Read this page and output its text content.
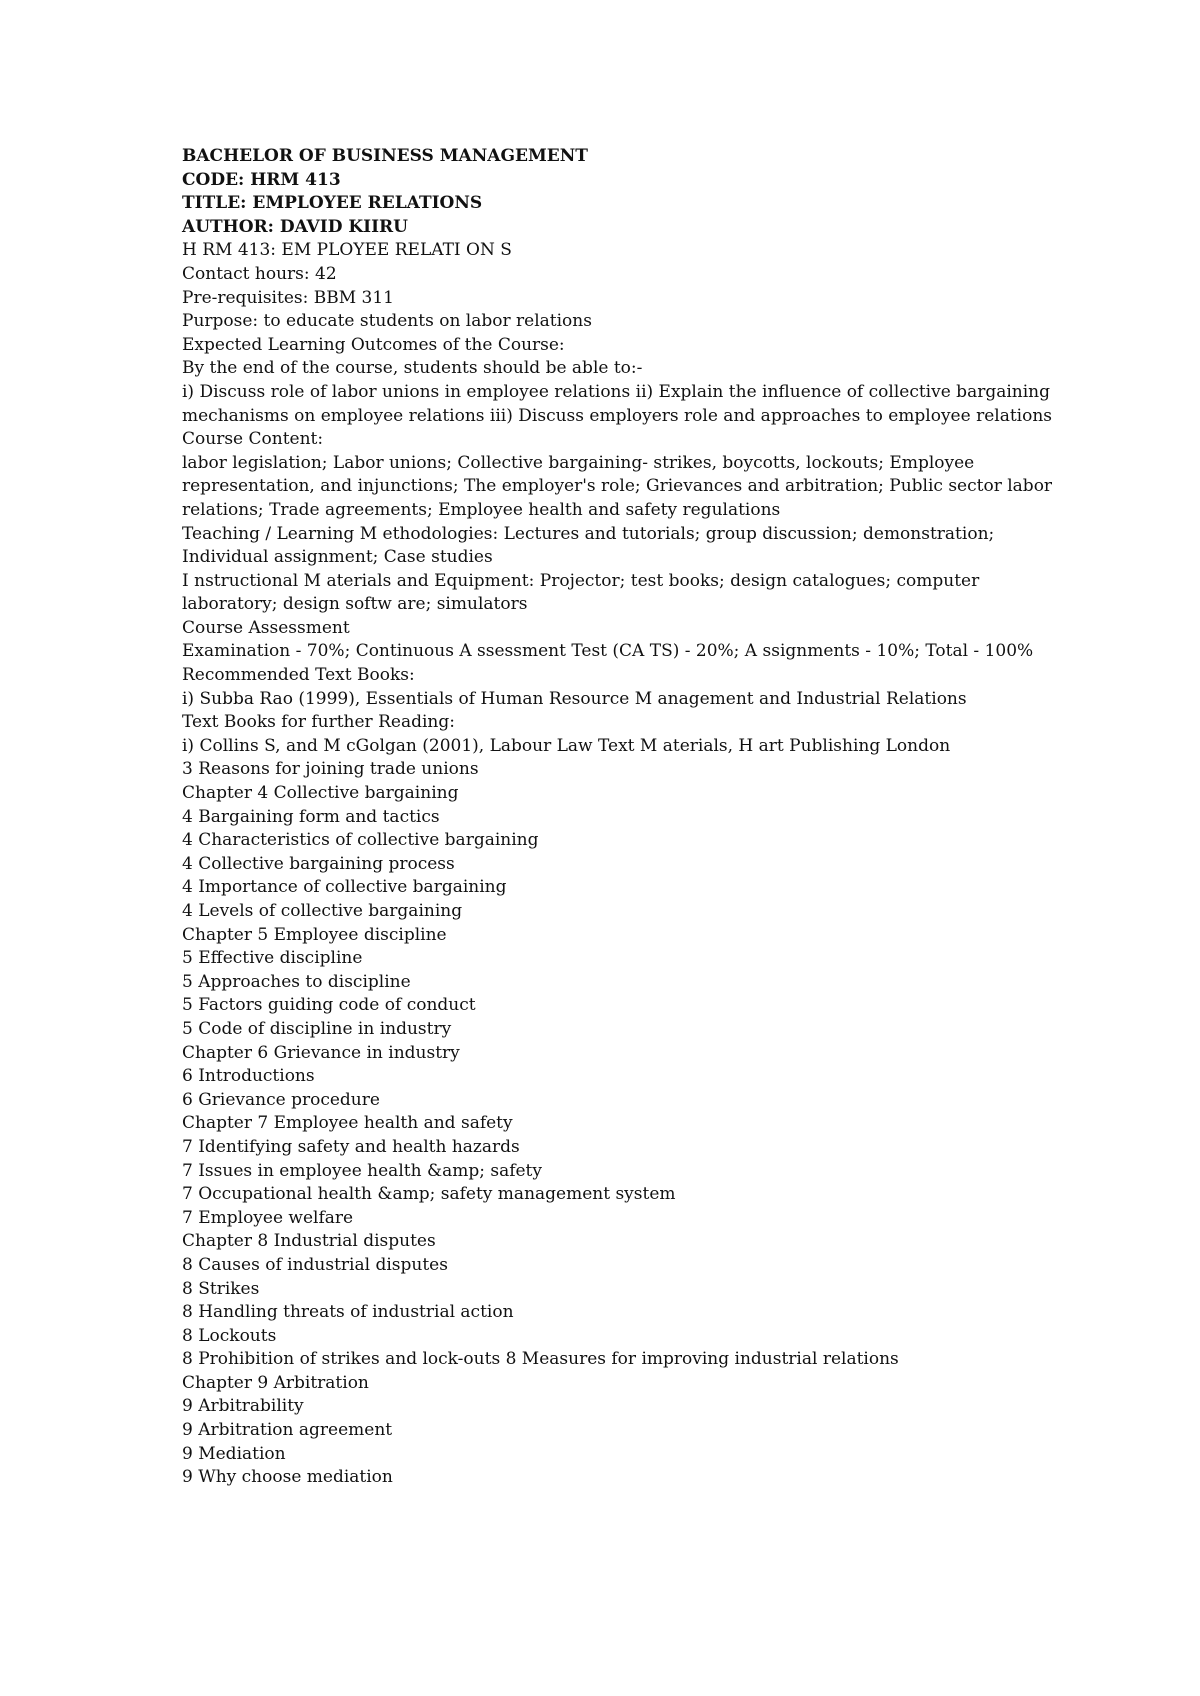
BACHELOR OF BUSINESS MANAGEMENT
CODE: HRM 413
TITLE: EMPLOYEE RELATIONS
AUTHOR: DAVID KIIRU
H RM 413: EM PLOYEE RELATI ON S
Contact hours: 42
Pre-requisites: BBM 311
Purpose: to educate students on labor relations
Expected Learning Outcomes of the Course:
By the end of the course, students should be able to:-
i) Discuss role of labor unions in employee relations ii) Explain the influence of collective bargaining mechanisms on employee relations iii) Discuss employers role and approaches to employee relations
Course Content:
labor legislation; Labor unions; Collective bargaining- strikes, boycotts, lockouts; Employee representation, and injunctions; The employer's role; Grievances and arbitration; Public sector labor relations; Trade agreements; Employee health and safety regulations
Teaching / Learning M ethodologies: Lectures and tutorials; group discussion; demonstration; Individual assignment; Case studies
I nstructional M aterials and Equipment: Projector; test books; design catalogues; computer laboratory; design softw are; simulators
Course Assessment
Examination - 70%; Continuous A ssessment Test (CA TS) - 20%; A ssignments - 10%; Total - 100%
Recommended Text Books:
i) Subba Rao (1999), Essentials of Human Resource M anagement and Industrial Relations
Text Books for further Reading:
i) Collins S, and M cGolgan (2001), Labour Law Text M aterials, H art Publishing London
3 Reasons for joining trade unions
Chapter 4 Collective bargaining
4 Bargaining form and tactics
4 Characteristics of collective bargaining
4 Collective bargaining process
4 Importance of collective bargaining
4 Levels of collective bargaining
Chapter 5 Employee discipline
5 Effective discipline
5 Approaches to discipline
5 Factors guiding code of conduct
5 Code of discipline in industry
Chapter 6 Grievance in industry
6 Introductions
6 Grievance procedure
Chapter 7 Employee health and safety
7 Identifying safety and health hazards
7 Issues in employee health &amp; safety
7 Occupational health &amp; safety management system
7 Employee welfare
Chapter 8 Industrial disputes
8 Causes of industrial disputes
8 Strikes
8 Handling threats of industrial action
8 Lockouts
8 Prohibition of strikes and lock-outs 8 Measures for improving industrial relations
Chapter 9 Arbitration
9 Arbitrability
9 Arbitration agreement
9 Mediation
9 Why choose mediation
